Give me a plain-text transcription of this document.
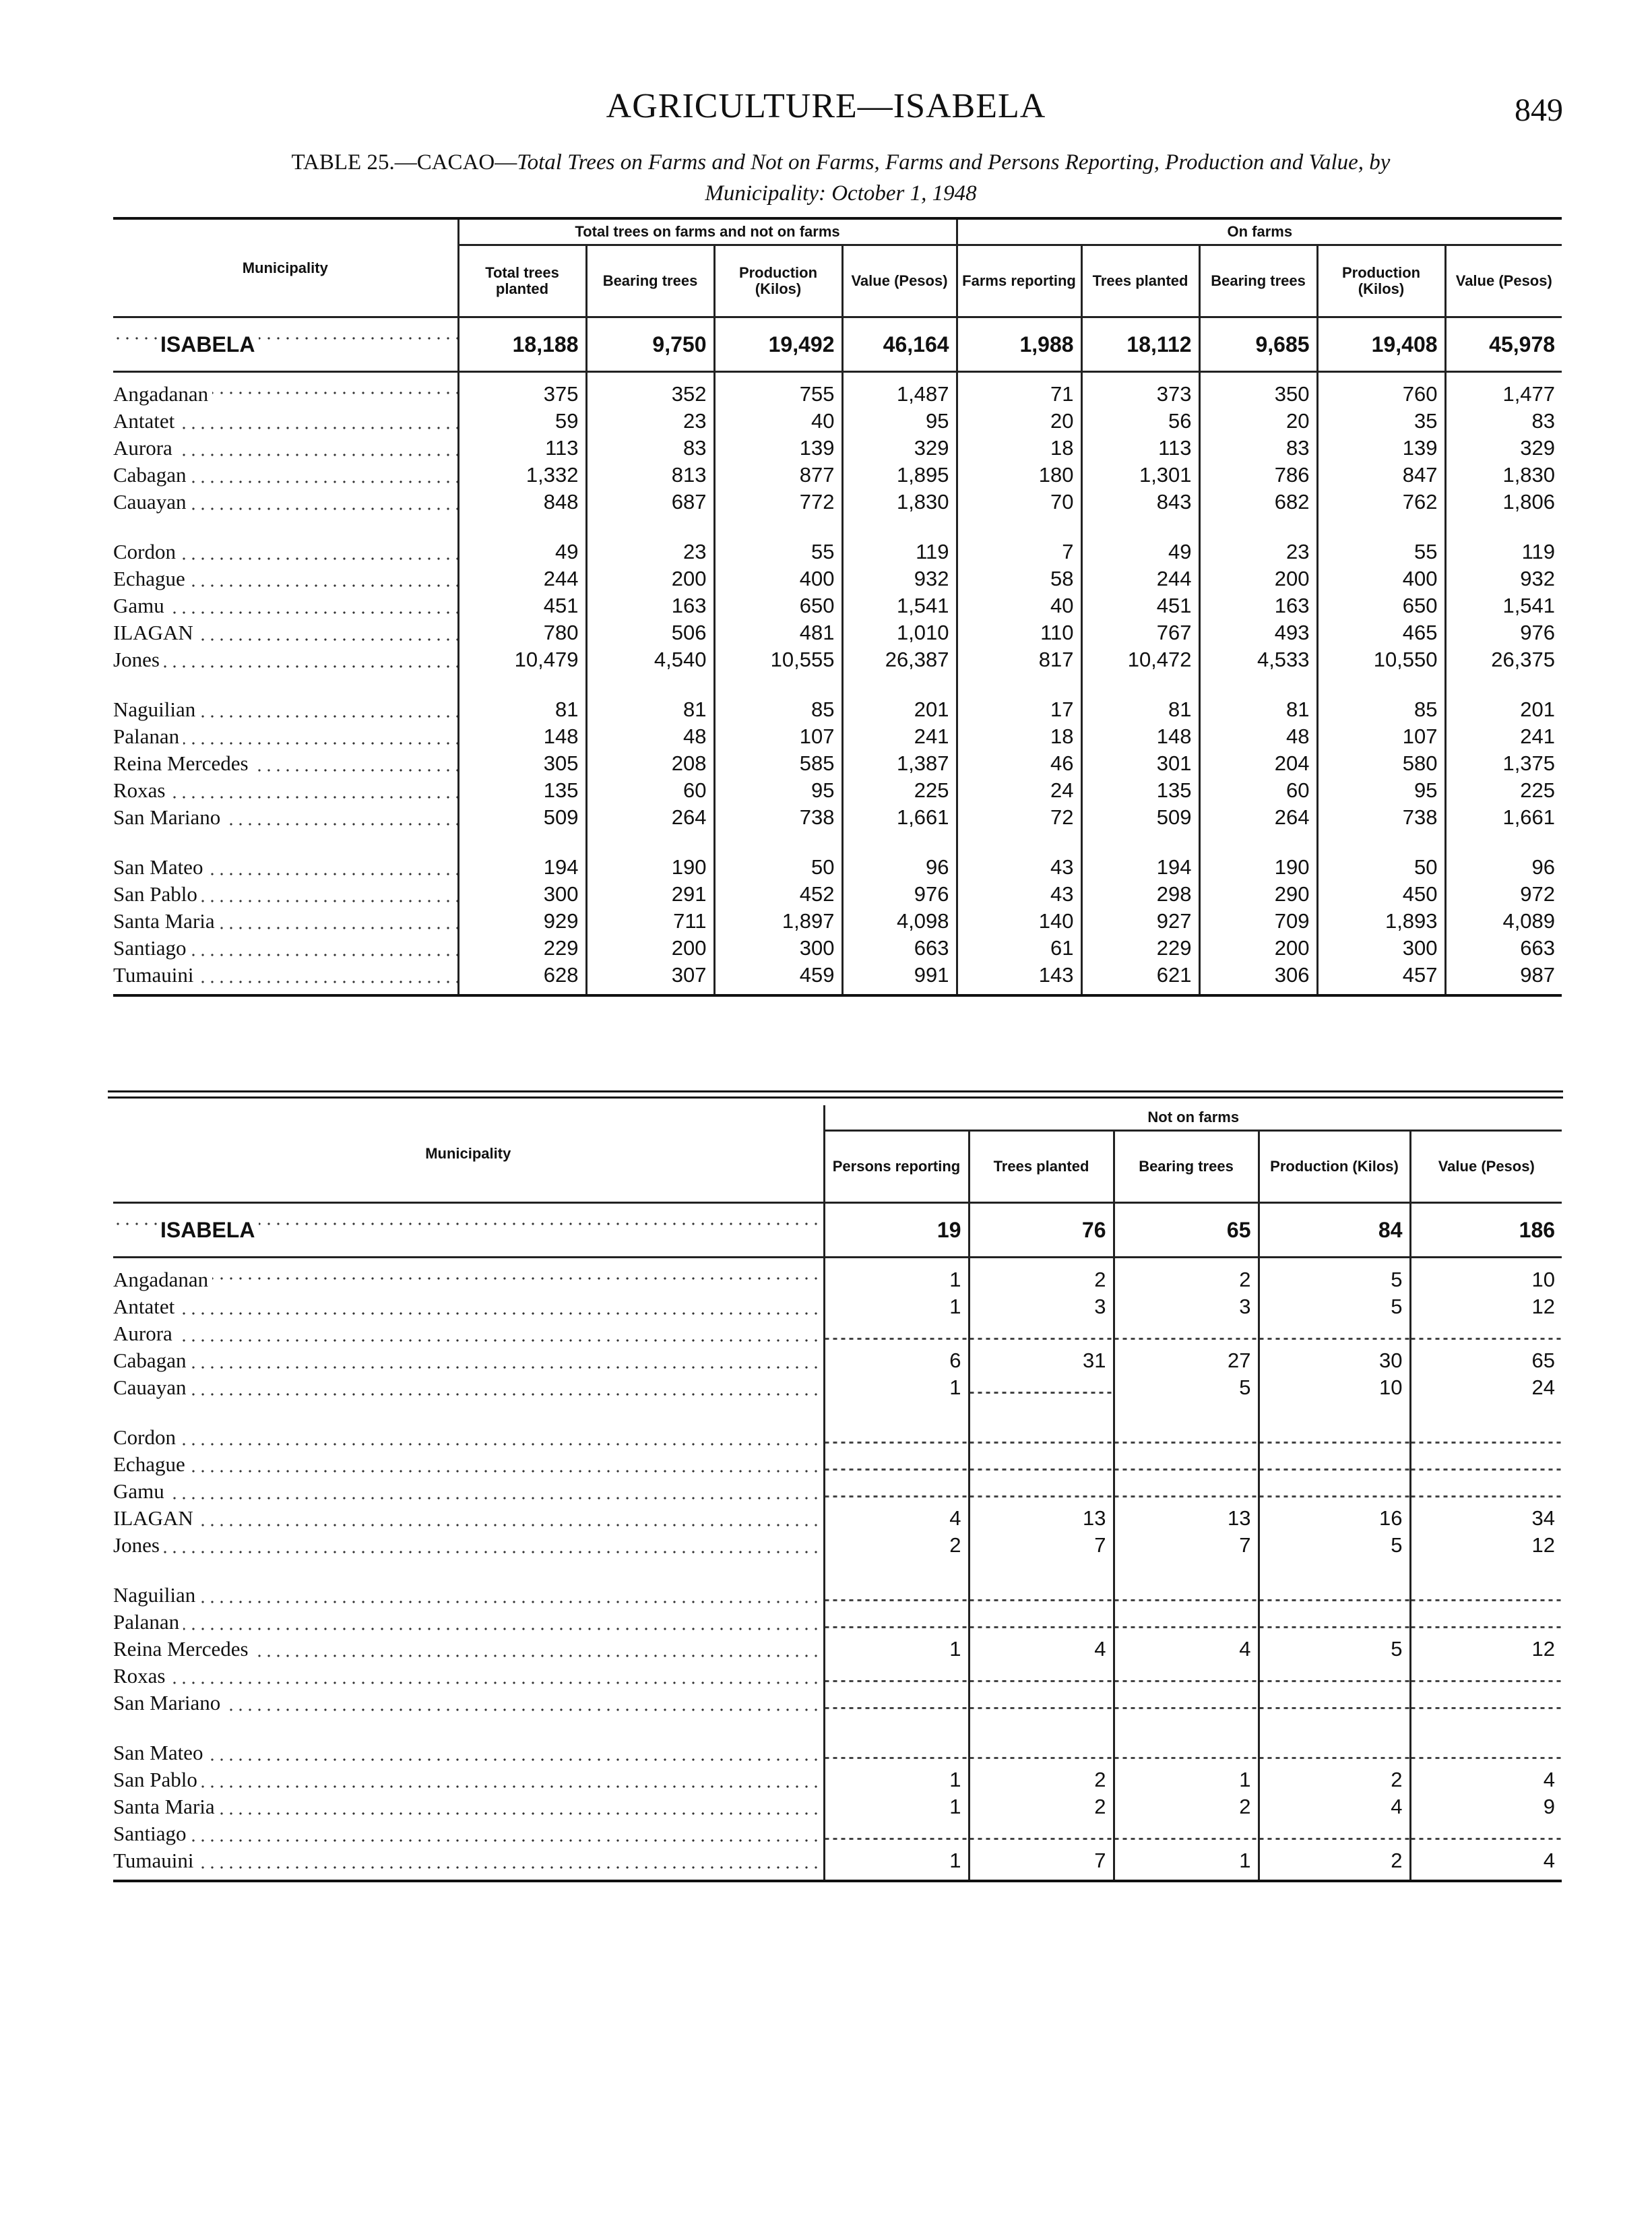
AGRICULTURE—ISABELA	849
TABLE 25.—CACAO—Total Trees on Farms and Not on Farms, Farms and Persons Reporting, Production and Value, by
Municipality: October 1, 1948
Municipality	Total trees on farms and not on farms				On farms				
	Total trees planted	Bearing trees	Production (Kilos)	Value (Pesos)	Farms reporting	Trees planted	Bearing trees	Production (Kilos)	Value (Pesos)
ISABELA	18,188	9,750	19,492	46,164	1,988	18,112	9,685	19,408	45,978
Angadanan	375	352	755	1,487	71	373	350	760	1,477
Antatet	59	23	40	95	20	56	20	35	83
Aurora	113	83	139	329	18	113	83	139	329
Cabagan	1,332	813	877	1,895	180	1,301	786	847	1,830
Cauayan	848	687	772	1,830	70	843	682	762	1,806

Cordon	49	23	55	119	7	49	23	55	119
Echague	244	200	400	932	58	244	200	400	932
Gamu	451	163	650	1,541	40	451	163	650	1,541
ILAGAN	780	506	481	1,010	110	767	493	465	976
Jones	10,479	4,540	10,555	26,387	817	10,472	4,533	10,550	26,375

Naguilian	81	81	85	201	17	81	81	85	201
Palanan	148	48	107	241	18	148	48	107	241
Reina Mercedes	305	208	585	1,387	46	301	204	580	1,375
Roxas	135	60	95	225	24	135	60	95	225
San Mariano	509	264	738	1,661	72	509	264	738	1,661

San Mateo	194	190	50	96	43	194	190	50	96
San Pablo	300	291	452	976	43	298	290	450	972
Santa Maria	929	711	1,897	4,098	140	927	709	1,893	4,089
Santiago	229	200	300	663	61	229	200	300	663
Tumauini	628	307	459	991	143	621	306	457	987
Municipality	Not on farms				
	Persons reporting	Trees planted	Bearing trees	Production (Kilos)	Value (Pesos)
ISABELA	19	76	65	84	186
Angadanan	1	2	2	5	10
Antatet	1	3	3	5	12
Aurora					
Cabagan	6	31	27	30	65
Cauayan	1		5	10	24

Cordon					
Echague					
Gamu					
ILAGAN	4	13	13	16	34
Jones	2	7	7	5	12

Naguilian					
Palanan					
Reina Mercedes	1	4	4	5	12
Roxas					
San Mariano					

San Mateo					
San Pablo	1	2	1	2	4
Santa Maria	1	2	2	4	9
Santiago					
Tumauini	1	7	1	2	4
